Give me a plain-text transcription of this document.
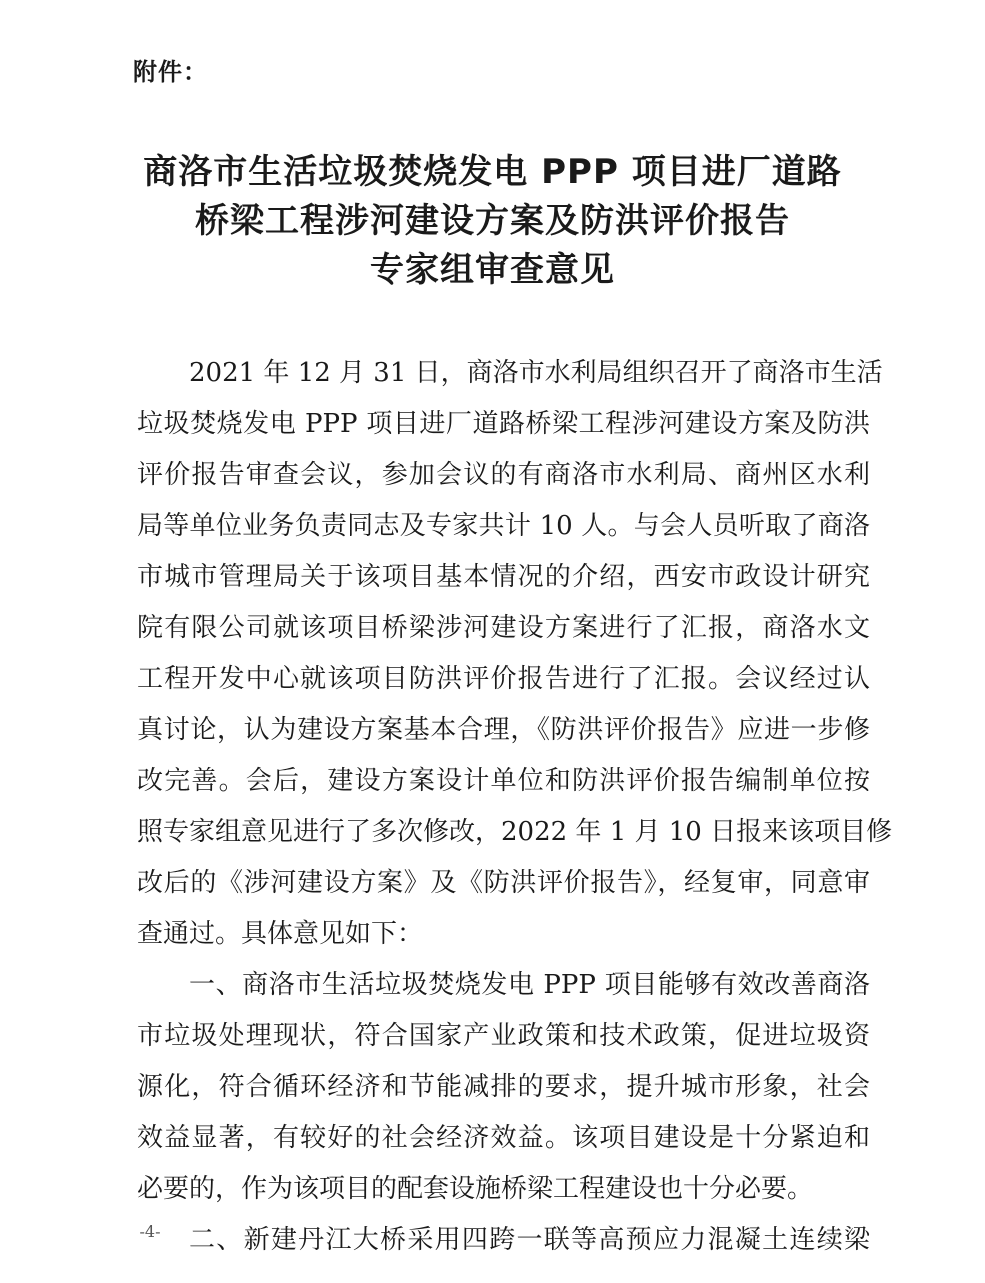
附件：
商洛市生活垃圾焚烧发电 PPP 项目进厂道路
桥梁工程涉河建设方案及防洪评价报告
专家组审查意见
2021 年 12 月 31 日，商洛市水利局组织召开了商洛市生活
垃圾焚烧发电 PPP 项目进厂道路桥梁工程涉河建设方案及防洪
评价报告审查会议，参加会议的有商洛市水利局、商州区水利
局等单位业务负责同志及专家共计 10 人。与会人员听取了商洛
市城市管理局关于该项目基本情况的介绍，西安市政设计研究
院有限公司就该项目桥梁涉河建设方案进行了汇报，商洛水文
工程开发中心就该项目防洪评价报告进行了汇报。会议经过认
真讨论，认为建设方案基本合理，《防洪评价报告》应进一步修
改完善。会后，建设方案设计单位和防洪评价报告编制单位按
照专家组意见进行了多次修改，2022 年 1 月 10 日报来该项目修
改后的《涉河建设方案》及《防洪评价报告》，经复审，同意审
查通过。具体意见如下：
一、商洛市生活垃圾焚烧发电 PPP 项目能够有效改善商洛
市垃圾处理现状，符合国家产业政策和技术政策，促进垃圾资
源化，符合循环经济和节能减排的要求，提升城市形象，社会
效益显著，有较好的社会经济效益。该项目建设是十分紧迫和
必要的，作为该项目的配套设施桥梁工程建设也十分必要。
二、新建丹江大桥采用四跨一联等高预应力混凝土连续梁
-4-
